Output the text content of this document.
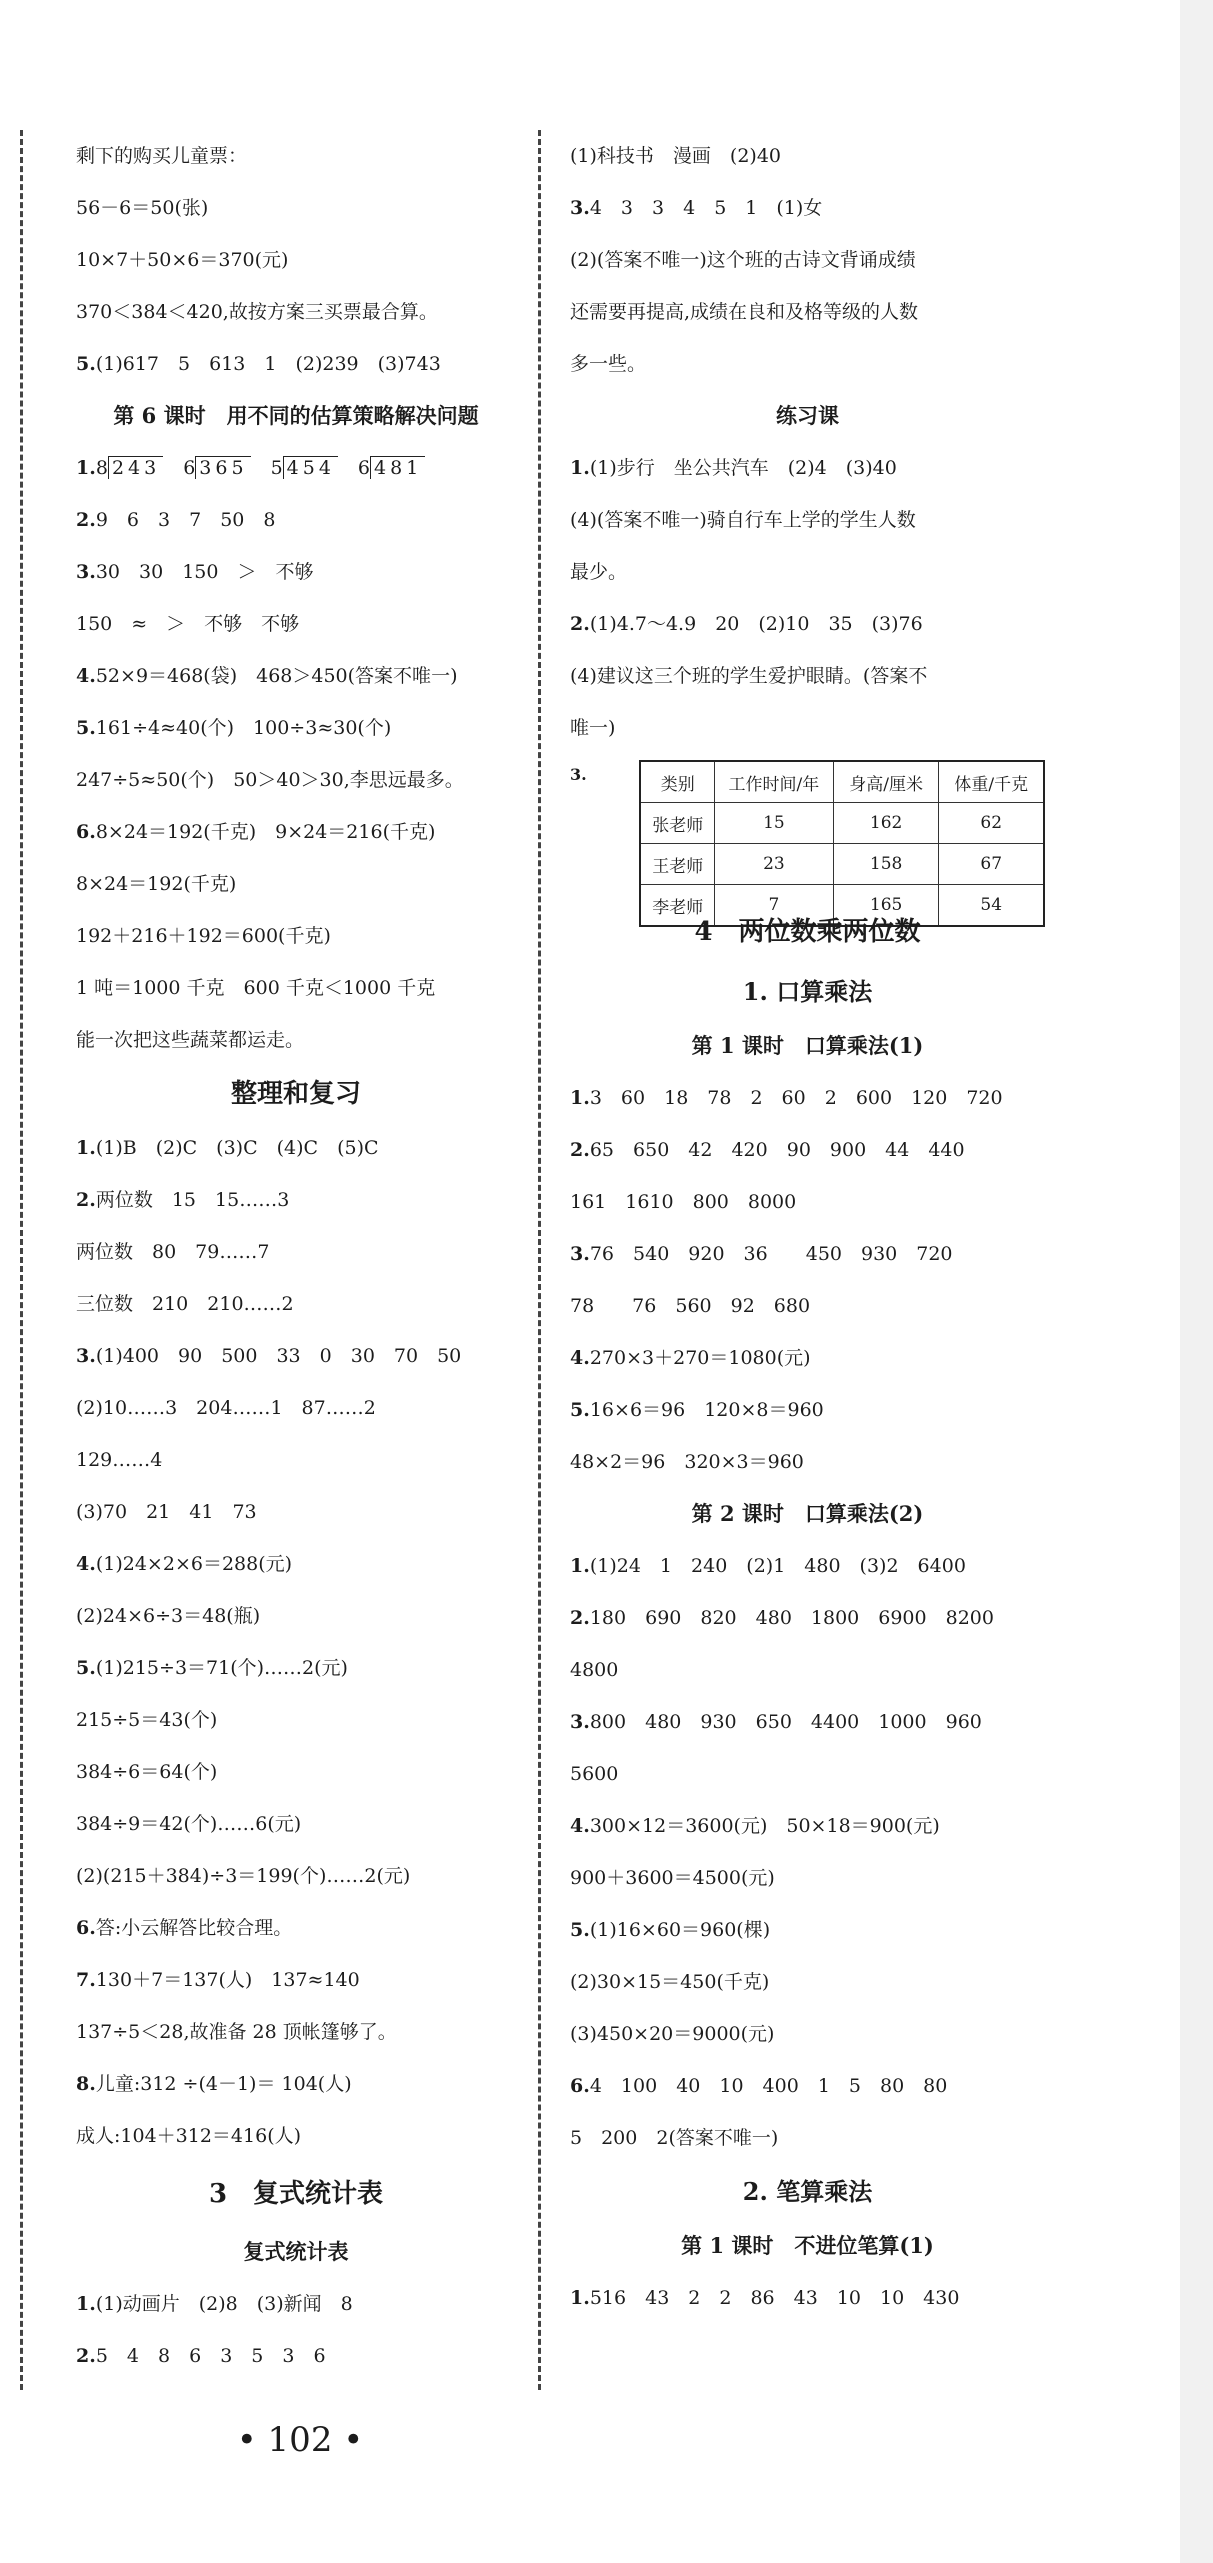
剩下的购买儿童票：
56－6＝50(张)
10×7＋50×6＝370(元)
370＜384＜420,故按方案三买票最合算。
5.(1)617　5　613　1　(2)239　(3)743
第 6 课时　用不同的估算策略解决问题
1.8 243 6 365 5 454 6 481
2.9　6　3　7　50　8
3.30　30　150　＞　不够
150　≈　＞　不够　不够
4.52×9＝468(袋)　468＞450(答案不唯一)
5.161÷4≈40(个)　100÷3≈30(个)
247÷5≈50(个)　50＞40＞30,李思远最多。
6.8×24＝192(千克)　9×24＝216(千克)
8×24＝192(千克)
192＋216＋192＝600(千克)
1 吨＝1000 千克　600 千克＜1000 千克
能一次把这些蔬菜都运走。
整理和复习
1.(1)B　(2)C　(3)C　(4)C　(5)C
2.两位数　15　15……3
两位数　80　79……7
三位数　210　210……2
3.(1)400　90　500　33　0　30　70　50
(2)10……3　204……1　87……2
129……4
(3)70　21　41　73
4.(1)24×2×6＝288(元)
(2)24×6÷3＝48(瓶)
5.(1)215÷3＝71(个)……2(元)
215÷5＝43(个)
384÷6＝64(个)
384÷9＝42(个)……6(元)
(2)(215＋384)÷3＝199(个)……2(元)
6.答:小云解答比较合理。
7.130＋7＝137(人)　137≈140
137÷5＜28,故准备 28 顶帐篷够了。
8.儿童:312 ÷(4－1)＝ 104(人)
成人:104＋312＝416(人)
3　复式统计表
复式统计表
1.(1)动画片　(2)8　(3)新闻　8
2.5　4　8　6　3　5　3　6
(1)科技书　漫画　(2)40
3.4　3　3　4　5　1　(1)女
(2)(答案不唯一)这个班的古诗文背诵成绩
还需要再提高,成绩在良和及格等级的人数
多一些。
练习课
1.(1)步行　坐公共汽车　(2)4　(3)40
(4)(答案不唯一)骑自行车上学的学生人数
最少。
2.(1)4.7～4.9　20　(2)10　35　(3)76
(4)建议这三个班的学生爱护眼睛。(答案不
唯一)
3.	类别	工作时间/年	身高/厘米	体重/千克
张老师	15	162	62
王老师	23	158	67
李老师	7	165	54
4　两位数乘两位数
1. 口算乘法
第 1 课时　口算乘法(1)
1.3　60　18　78　2　60　2　600　120　720
2.65　650　42　420　90　900　44　440
161　1610　800　8000
3.76　540　920　36　　450　930　720
78　　76　560　92　680
4.270×3＋270＝1080(元)
5.16×6＝96　120×8＝960
48×2＝96　320×3＝960
第 2 课时　口算乘法(2)
1.(1)24　1　240　(2)1　480　(3)2　6400
2.180　690　820　480　1800　6900　8200
4800
3.800　480　930　650　4400　1000　960
5600
4.300×12＝3600(元)　50×18＝900(元)
900＋3600＝4500(元)
5.(1)16×60＝960(棵)
(2)30×15＝450(千克)
(3)450×20＝9000(元)
6.4　100　40　10　400　1　5　80　80
5　200　2(答案不唯一)
2. 笔算乘法
第 1 课时　不进位笔算(1)
1.516　43　2　2　86　43　10　10　430
• 102 •
